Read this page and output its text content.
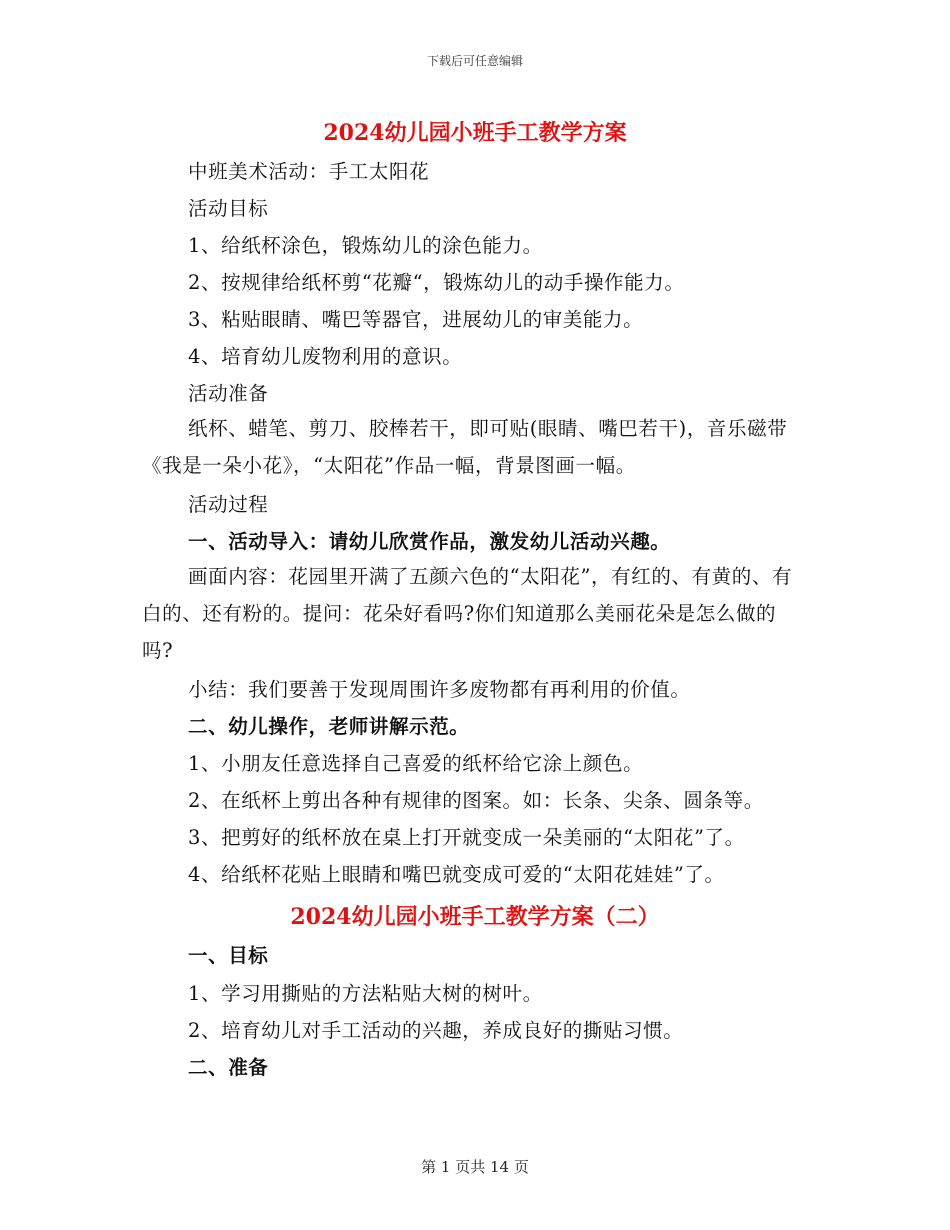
下载后可任意编辑
2024幼儿园小班手工教学方案
中班美术活动：手工太阳花
活动目标
1、给纸杯涂色，锻炼幼儿的涂色能力。
2、按规律给纸杯剪“花瓣“，锻炼幼儿的动手操作能力。
3、粘贴眼睛、嘴巴等器官，进展幼儿的审美能力。
4、培育幼儿废物利用的意识。
活动准备
纸杯、蜡笔、剪刀、胶棒若干，即可贴(眼睛、嘴巴若干)，音乐磁带《我是一朵小花》，“太阳花”作品一幅，背景图画一幅。
活动过程
一、活动导入：请幼儿欣赏作品，激发幼儿活动兴趣。
画面内容：花园里开满了五颜六色的“太阳花”，有红的、有黄的、有白的、还有粉的。提问：花朵好看吗?你们知道那么美丽花朵是怎么做的吗?
小结：我们要善于发现周围许多废物都有再利用的价值。
二、幼儿操作，老师讲解示范。
1、小朋友任意选择自己喜爱的纸杯给它涂上颜色。
2、在纸杯上剪出各种有规律的图案。如：长条、尖条、圆条等。
3、把剪好的纸杯放在桌上打开就变成一朵美丽的“太阳花”了。
4、给纸杯花贴上眼睛和嘴巴就变成可爱的“太阳花娃娃”了。
2024幼儿园小班手工教学方案（二）
一、目标
1、学习用撕贴的方法粘贴大树的树叶。
2、培育幼儿对手工活动的兴趣，养成良好的撕贴习惯。
二、准备
第 1 页共 14 页
